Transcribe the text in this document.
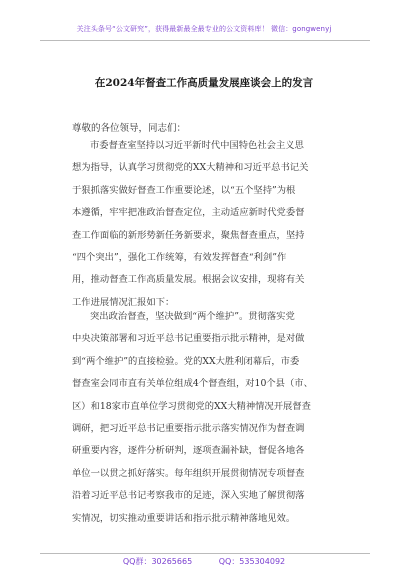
关注头条号“公文研究”，获得最新最全最专业的公文资料库！ 微信：gongwenyj
在2024年督查工作高质量发展座谈会上的发言
尊敬的各位领导，同志们：
市委督查室坚持以习近平新时代中国特色社会主义思
想为指导，认真学习贯彻党的XX大精神和习近平总书记关
于狠抓落实做好督查工作重要论述，以“五个坚持”为根
本遵循，牢牢把准政治督查定位，主动适应新时代党委督
查工作面临的新形势新任务新要求，聚焦督查重点，坚持
“四个突出”，强化工作统筹，有效发挥督查“利剑”作
用，推动督查工作高质量发展。根据会议安排，现将有关
工作进展情况汇报如下：
突出政治督查，坚决做到“两个维护”。贯彻落实党
中央决策部署和习近平总书记重要指示批示精神，是对做
到“两个维护”的直接检验。党的XX大胜利闭幕后，市委
督查室会同市直有关单位组成4个督查组，对10个县（市、
区）和18家市直单位学习贯彻党的XX大精神情况开展督查
调研，把习近平总书记重要指示批示落实情况作为督查调
研重要内容，逐件分析研判，逐项查漏补缺，督促各地各
单位一以贯之抓好落实。每年组织开展贯彻情况专项督查
沿着习近平总书记考察我市的足迹，深入实地了解贯彻落
实情况，切实推动重要讲话和指示批示精神落地见效。
QQ群：30265665	QQ：535304092
